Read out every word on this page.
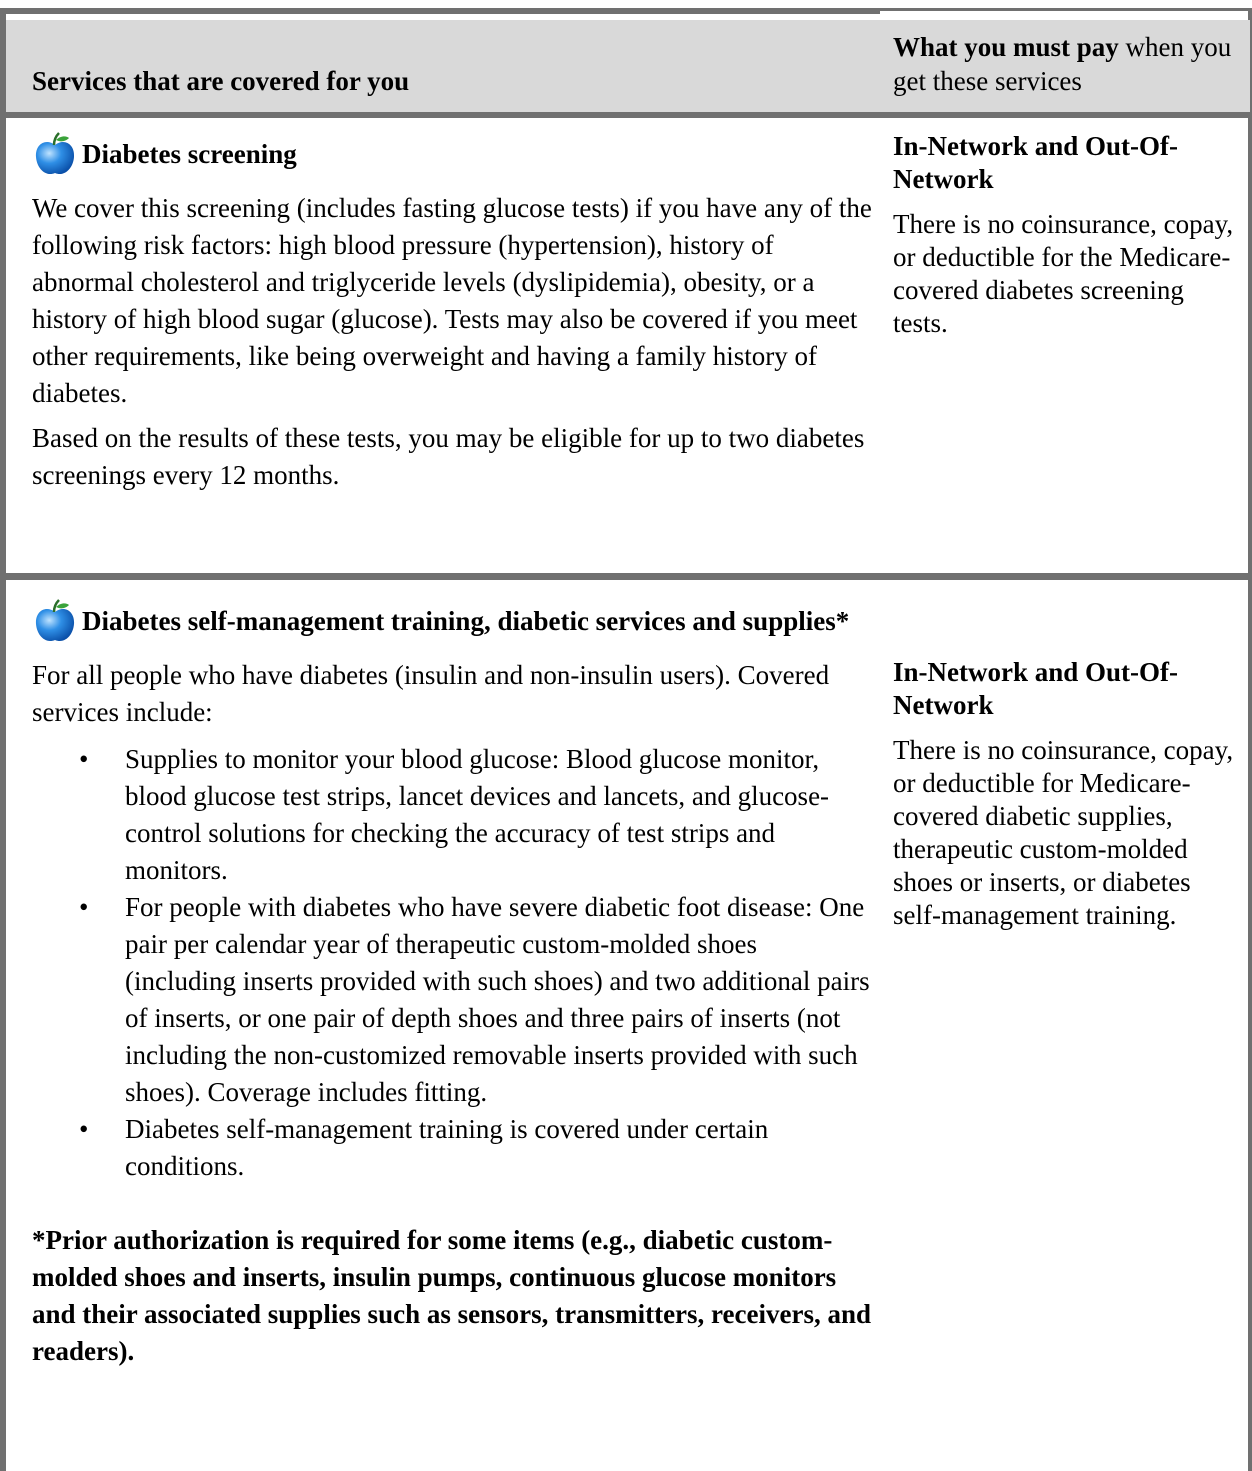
Services that are covered for you
What you must pay when you get these services
Diabetes screening

We cover this screening (includes fasting glucose tests) if you have any of the following risk factors: high blood pressure (hypertension), history of abnormal cholesterol and triglyceride levels (dyslipidemia), obesity, or a history of high blood sugar (glucose). Tests may also be covered if you meet other requirements, like being overweight and having a family history of diabetes.

Based on the results of these tests, you may be eligible for up to two diabetes screenings every 12 months.

In-Network and Out-Of-Network
There is no coinsurance, copay, or deductible for the Medicare-covered diabetes screening tests.
Diabetes self-management training, diabetic services and supplies*

For all people who have diabetes (insulin and non-insulin users). Covered services include:

• Supplies to monitor your blood glucose: Blood glucose monitor, blood glucose test strips, lancet devices and lancets, and glucose-control solutions for checking the accuracy of test strips and monitors.
• For people with diabetes who have severe diabetic foot disease: One pair per calendar year of therapeutic custom-molded shoes (including inserts provided with such shoes) and two additional pairs of inserts, or one pair of depth shoes and three pairs of inserts (not including the non-customized removable inserts provided with such shoes). Coverage includes fitting.
• Diabetes self-management training is covered under certain conditions.
*Prior authorization is required for some items (e.g., diabetic custom-molded shoes and inserts, insulin pumps, continuous glucose monitors and their associated supplies such as sensors, transmitters, receivers, and readers).
In-Network and Out-Of-Network
There is no coinsurance, copay, or deductible for Medicare-covered diabetic supplies, therapeutic custom-molded shoes or inserts, or diabetes self-management training.
